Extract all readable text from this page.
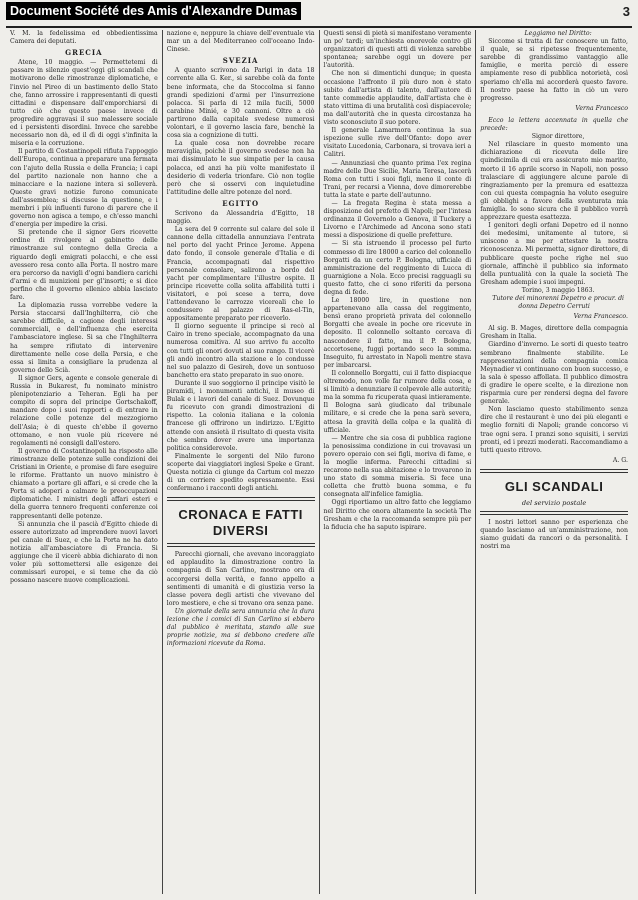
Document Société des Amis d'Alexandre Dumas	3

V. M. la fedelissima ed obbedientissima Camera dei deputati.

GRECIA

Atene, 10 maggio. — Permettetemi di passare in silenzio quest'oggi gli scandali che motivarono delle rimostranze diplomatiche, e l'invio nel Pireo di un bastimento dello Stato che, fanno arrossire i rappresentanti di questi cittadini e dispensare dall'emporchiarsi di tutto ciò che questo paese invece di progredire aggravasi il suo malessere sociale ed i persistenti disordini. Invece che sarebbe necessario non dà, ed il dì di oggi s'infinita la miseria e la corruzione.

Il partito di Costantinopoli rifiuta l'appoggio dell'Europa, continua a preparare una fermata con l'ajuto della Russia e della Francia; i capi del partito nazionale non hanno che a minacciare e la nazione intera si solleverà. Queste gravi notizie furono comunicate dall'assemblea; si discusse la questione, e i membri i più influenti furono di parere che il governo non agisca a tempo, e ch'esso manchi d'energia per impedire la crisi.

Si pretende che il signor Gers ricevette ordine di rivolgere al gabinetto delle rimostranze sul contegno della Grecia a riguardo degli emigrati polacchi, e che essi avessero resa conto alla Porta. Il nostro mare era percorso da navigli d'ogni bandiera carichi d'armi e di munizioni per gl'insorti; e si dice perfino che il governo ellenico abbia lasciato fare.

La diplomazia russa vorrebbe vedere la Persia staccarsi dall'Inghilterra, ciò che sarebbe difficile, a cagione degli interessi commerciali, e dell'influenza che esercita l'ambasciatore inglese. Si sa che l'Inghilterra ha sempre rifiutato di intervenire direttamente nelle cose della Persia, e che essa si limita a consigliare la prudenza al governo dello Scià.

Il signor Gers, agente e console generale di Russia in Bukarest, fu nominato ministro plenipotenziario a Teheran. Egli ha per compito di sopra del principe Gortschakoff, mandare dopo i suoi rapporti e di entrare in relazione colle potenze del mezzogiorno dell'Asia; è di queste ch'ebbe il governo ottomano, e non vuole più ricevere né regolamenti né consigli dall'estero.

Il governo di Costantinopoli ha risposto alle rimostranze delle potenze sulle condizioni dei Cristiani in Oriente, e promise di fare eseguire le riforme. Frattanto un nuovo ministro è chiamato a portare gli affari, e si crede che la Porta si adoperi a calmare le preoccupazioni diplomatiche. I ministri degli affari esteri e della guerra tennero frequenti conferenze coi rappresentanti delle potenze.

Si annunzia che il pascià d'Egitto chiede di essere autorizzato ad imprendere nuovi lavori pel canale di Suez, e che la Porta ne ha dato notizia all'ambasciatore di Francia. Si aggiunge che il vicerè abbia dichiarato di non voler più sottomettersi alle esigenze dei commissari europei, e si teme che da ciò possano nascere nuove complicazioni.

nazione e, neppure la chiave dell'eventuale via mar un a del Mediterraneo coll'oceano Indo-Cinese.

SVEZIA

A quanto scrivono da Parigi in data 18 corrente alla G. Ker., si sarebbe colà da fonte bene informata, che da Stoccolma si fanno grandi spedizioni d'armi per l'insurrezione polacca. Si parla di 12 mila fucili, 5000 carabine Minié, e 30 cannoni. Oltre a ciò partirono dalla capitale svedese numerosi volontari, e il governo lascia fare, benchè la cosa sia a cognizione di tutti.

La quale cosa non dovrebbe recare meraviglia, poichè il governo svedese non ha mai dissimulato le sue simpatie per la causa polacca, ed anzi ha più volte manifestato il desiderio di vederla trionfare. Ciò non toglie però che si osservi con inquietudine l'attitudine delle altre potenze del nord.

EGITTO

Scrivono da Alessandria d'Egitto, 18 maggio.

La sera del 9 corrente sul calare del sole il cannone della cittadella annunziava l'entrata nel porto del yacht Prince Jerome. Appena dato fondo, il console generale d'Italia e di Francia, accompagnati dal rispettivo personale consolare, salirono a bordo del yacht per complimentare l'illustre ospite. Il principe ricevette colla solita affabilità tutti i visitatori, e poi scese a terra, dove l'attendevano le carrozze vicereali che lo condussero al palazzo di Ras-el-Tin, appositamente preparato per riceverlo.

Il giorno seguente il principe si recò al Cairo in treno speciale, accompagnato da una numerosa comitiva. Al suo arrivo fu accolto con tutti gli onori dovuti al suo rango. Il vicerè gli andò incontro alla stazione e lo condusse nel suo palazzo di Gesireh, dove un sontuoso banchetto era stato preparato in suo onore.

Durante il suo soggiorno il principe visitò le piramidi, i monumenti antichi, il museo di Bulak e i lavori del canale di Suez. Dovunque fu ricevuto con grandi dimostrazioni di rispetto. La colonia italiana e la colonia francese gli offrirono un indirizzo. L'Egitto attende con ansietà il risultato di questa visita che sembra dover avere una importanza politica considerevole.

Finalmente le sorgenti del Nilo furono scoperte dai viaggiatori inglesi Speke e Grant. Questa notizia ci giunge da Cartum col mezzo di un corriere spedito espressamente. Essi confermano i racconti degli antichi.

CRONACA E FATTI DIVERSI

Parecchi giornali, che avevano incoraggiato ed applaudito la dimostrazione contro la compagnia di San Carlino, mostrano ora di accorgersi della verità, e fanno appello a sentimenti di umanità e di giustizia verso la classe povera degli artisti che vivevano del loro mestiere, e che si trovano ora senza pane.

Un giornale della sera annunzia che la dura lezione che i comici di San Carlino si ebbero dal pubblico è meritata, stando alle sue proprie notizie, ma si debbono credere alle informazioni ricevute da Roma.

Questi sensi di pietà si manifestano veramente un po' tardi; un'inchiesta onorevole contro gli organizzatori di questi atti di violenza sarebbe spontanea; sarebbe oggi un dovere per l'autorità.

Che non si dimentichi dunque; in questa occasione l'affronto il più duro non è stato subito dall'artista di talento, dall'autore di tante commedie applaudite, dall'artista che è stato vittima di una brutalità così dispiacevole; ma dall'autorità che in questa circostanza ha visto sconosciuto il suo potere.

Il generale Lamarmora continua la sua ispezione sulle rive dell'Ofanto: dopo aver visitato Lucedonia, Carbonara, si trovava ieri a Calitri.

— Annunziasi che quanto prima l'ex regina madre delle Due Sicilie, Maria Teresa, lascerà Roma con tutti i suoi figli, meno il conte di Trani, per recarsi a Vienna, dove dimorerebbe tutta la state e parte dell'autunno.

— La fregata Regina è stata messa a disposizione del prefetto di Napoli; per l'intesa ordinanza il Governolo a Genova, il Tuckery a Livorno e l'Archimede ad Ancona sono stati messi a disposizione di quelle prefetture.

— Si sta istruendo il processo pel furto commesso di lire 18000 a carico del colonnello Borgatti da un certo P. Bologna, ufficiale di amministrazione del reggimento di Lucca di guarnigione a Nola. Ecco precisi ragguagli su questo fatto, che ci sono riferiti da persona degna di fede.

Le 18000 lire, in questione non appartenevano alla cassa del reggimento, bensì erano proprietà privata del colonnello Borgatti che aveale in poche ore ricevute in deposito. Il colonnello soltanto cercava di nascondere il fatto, ma il P. Bologna, accortosene, fuggì portando seco la somma. Inseguito, fu arrestato in Napoli mentre stava per imbarcarsi.

Il colonnello Borgatti, cui il fatto dispiacque oltremodo, non volle far rumore della cosa, e si limitò a denunziare il colpevole alle autorità; ma la somma fu ricuperata quasi intieramente. Il Bologna sarà giudicato dal tribunale militare, e si crede che la pena sarà severa, attesa la gravità della colpa e la qualità di ufficiale.

— Mentre che sia cosa di pubblica ragione la penosissima condizione in cui trovavasi un povero operaio con sei figli, moriva di fame, e la moglie inferma. Parecchi cittadini si recarono nella sua abitazione e lo trovarono in uno stato di somma miseria. Si fece una colletta che fruttò buona somma, e fu consegnata all'infelice famiglia.

Oggi riportiamo un altro fatto che leggiamo nel Diritto che onora altamente la società The Gresham e che la raccomanda sempre più per la fiducia che ha saputo ispirare.

Leggiamo nel Diritto:

Siccome si tratta di far conoscere un fatto, il quale, se si ripetesse frequentemente, sarebbe di grandissimo vantaggio alle famiglie, e merita perciò di essere ampiamente reso di pubblica notorietà, così speriamo ch'ella mi accorderà questo favore. Il nostro paese ha fatto in ciò un vero progresso.

Verna Francesco

Ecco la lettera accennata in quella che precede:

Signor direttore,

Nel rilasciare in questo momento una dichiarazione di ricevuta delle lire quindicimila di cui era assicurato mio marito, morto il 16 aprile scorso in Napoli, non posso tralasciare di aggiungere alcune parole di ringraziamento per la premura ed esattezza con cui questa compagnia ha voluto eseguire gli obblighi a favore della sventurata mia famiglia. Io sono sicura che il pubblico vorrà apprezzare questa esattezza.

I genitori degli orfani Depetro ed il nonno dei medesimi, unitamente al tutore, si uniscono a me per attestare la nostra riconoscenza. Mi permetta, signor direttore, di pubblicare queste poche righe nel suo giornale, affinchè il pubblico sia informato della puntualità con la quale la società The Gresham adempie i suoi impegni.

Torino, 3 maggio 1863.

Tutore dei minorenni Depetro e procur. di donna Depetro Cerruti

Verna Francesco.

Al sig. B. Mages, direttore della compagnia Gresham in Italia.

Giardino d'inverno. Le sorti di questo teatro sembrano finalmente stabilite. Le rappresentazioni della compagnia comica Meynadier vi continuano con buon successo, e la sala è spesso affollata. Il pubblico dimostra di gradire le opere scelte, e la direzione non risparmia cure per rendersi degna del favore generale.

Non lasciamo questo stabilimento senza dire che il restaurant è uno dei più eleganti e meglio forniti di Napoli; grande concorso vi trae ogni sera. I pranzi sono squisiti, i servizi pronti, ed i prezzi moderati. Raccomandiamo a tutti questo ritrovo.

A. G.
GLI SCANDALI
del servizio postale

I nostri lettori sanno per esperienza che quando lasciamo ad un'amministrazione, non siamo guidati da rancori o da personalità. I nostri ma
